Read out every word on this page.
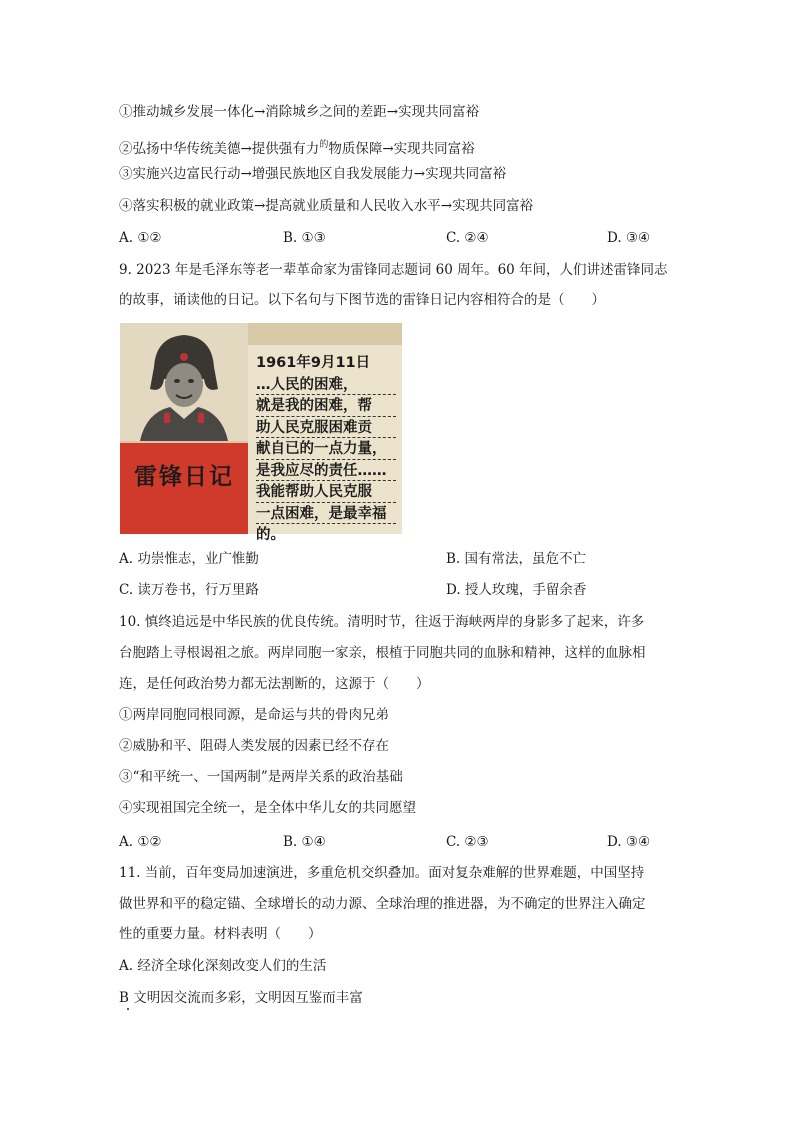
①推动城乡发展一体化→消除城乡之间的差距→实现共同富裕
②弘扬中华传统美德→提供强有力$^的$物质保障→实现共同富裕
③实施兴边富民行动→增强民族地区自我发展能力→实现共同富裕
④落实积极的就业政策→提高就业质量和人民收入水平→实现共同富裕
A. ①②	B. ①③	C. ②④	D. ③④
9. 2023 年是毛泽东等老一辈革命家为雷锋同志题词 60 周年。60 年间，人们讲述雷锋同志
的故事，诵读他的日记。以下名句与下图节选的雷锋日记内容相符合的是（　　）
雷锋日记
1961年9月11日
…人民的困难，
就是我的困难，帮
助人民克服困难贡
献自已的一点力量，
是我应尽的责任……
我能帮助人民克服
一点困难，是最幸福
的。
A. 功崇惟志，业广惟勤	B. 国有常法，虽危不亡
C. 读万卷书，行万里路	D. 授人玫瑰，手留余香
10. 慎终追远是中华民族的优良传统。清明时节，往返于海峡两岸的身影多了起来，许多
台胞踏上寻根谒祖之旅。两岸同胞一家亲，根植于同胞共同的血脉和精神，这样的血脉相
连，是任何政治势力都无法割断的，这源于（　　）
①两岸同胞同根同源，是命运与共的骨肉兄弟
②威胁和平、阻碍人类发展的因素已经不存在
③“和平统一、一国两制”是两岸关系的政治基础
④实现祖国完全统一，是全体中华儿女的共同愿望
A. ①②	B. ①④	C. ②③	D. ③④
11. 当前，百年变局加速演进，多重危机交织叠加。面对复杂难解的世界难题，中国坚持
做世界和平的稳定锚、全球增长的动力源、全球治理的推进器，为不确定的世界注入确定
性的重要力量。材料表明（　　）
A. 经济全球化深刻改变人们的生活
B 文明因交流而多彩，文明因互鉴而丰富
